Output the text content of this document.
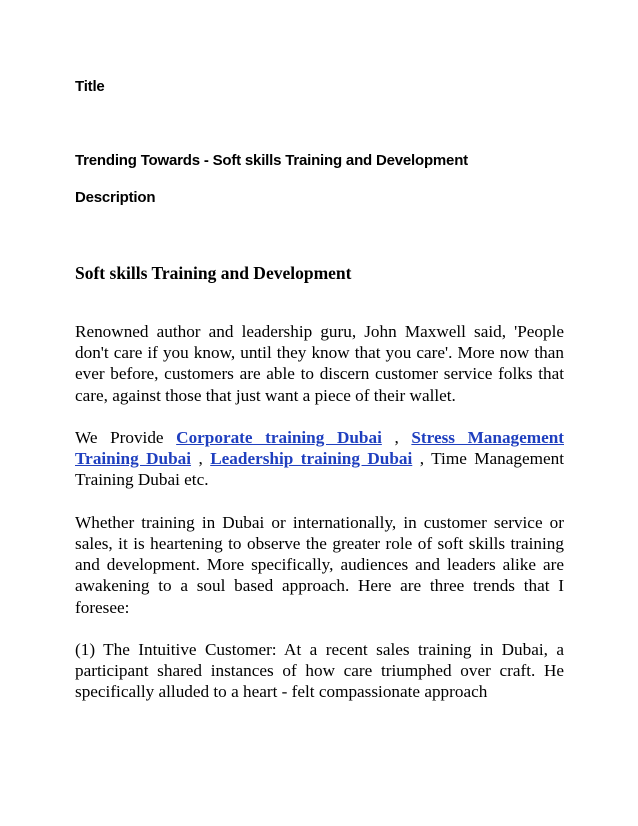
Title

Trending Towards - Soft skills Training and Development

Description

Soft skills Training and Development

Renowned author and leadership guru, John Maxwell said, 'People don't care if you know, until they know that you care'. More now than ever before, customers are able to discern customer service folks that care, against those that just want a piece of their wallet.

We Provide Corporate training Dubai , Stress Management Training Dubai , Leadership training Dubai , Time Management Training Dubai etc.

Whether training in Dubai or internationally, in customer service or sales, it is heartening to observe the greater role of soft skills training and development. More specifically, audiences and leaders alike are awakening to a soul based approach. Here are three trends that I foresee:

(1) The Intuitive Customer: At a recent sales training in Dubai, a participant shared instances of how care triumphed over craft. He specifically alluded to a heart - felt compassionate approach
